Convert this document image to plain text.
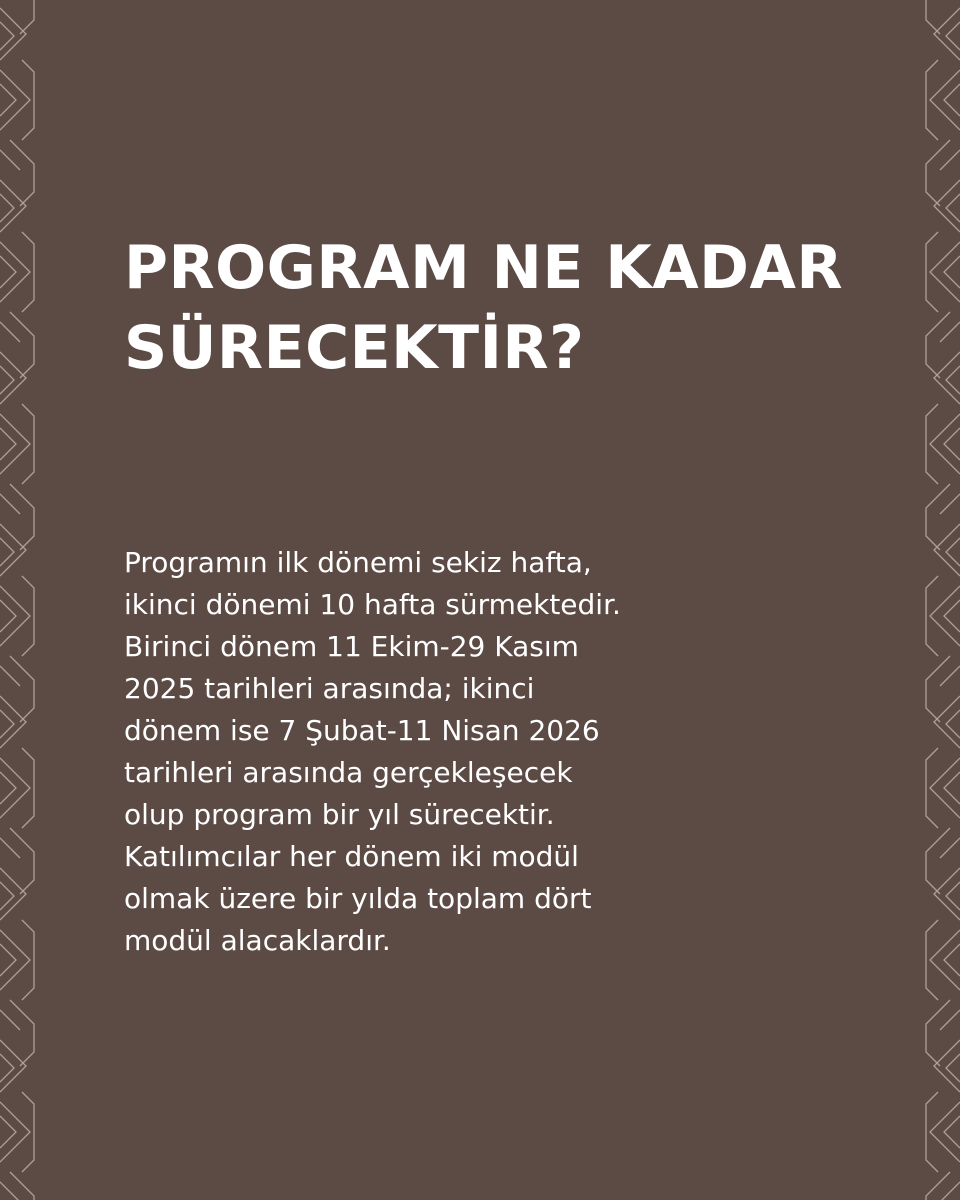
PROGRAM NE KADAR
SÜRECEKTİR?

Programın ilk dönemi sekiz hafta,
ikinci dönemi 10 hafta sürmektedir.
Birinci dönem 11 Ekim-29 Kasım
2025 tarihleri arasında; ikinci
dönem ise 7 Şubat-11 Nisan 2026
tarihleri arasında gerçekleşecek
olup program bir yıl sürecektir.
Katılımcılar her dönem iki modül
olmak üzere bir yılda toplam dört
modül alacaklardır.
